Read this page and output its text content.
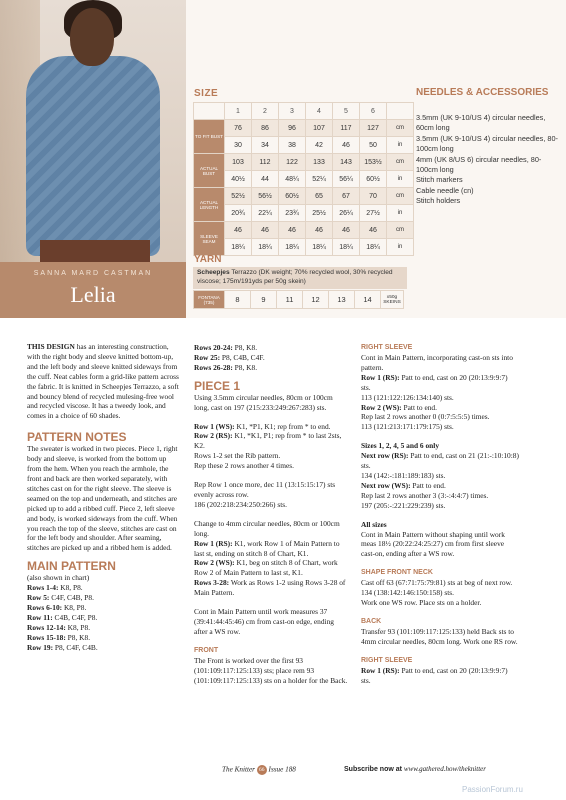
SANNA MARD CASTMAN
Lelia
SIZE
	1	2	3	4	5	6	
TO FIT BUST	76	86	96	107	117	127	cm
	30	34	38	42	46	50	in
ACTUAL BUST	103	112	122	133	143	153½	cm
	40½	44	48¼	52¼	56¼	60½	in
ACTUAL LENGTH	52½	56½	60½	65	67	70	cm
	20¾	22¼	23¾	25½	26¼	27½	in
SLEEVE SEAM	46	46	46	46	46	46	cm
	18¼	18¼	18¼	18¼	18¼	18¼	in
NEEDLES & ACCESSORIES
3.5mm (UK 9-10/US 4) circular needles, 60cm long
3.5mm (UK 9-10/US 4) circular needles, 80-100cm long
4mm (UK 8/US 6) circular needles, 80-100cm long
Stitch markers
Cable needle (cn)
Stitch holders
YARN
Scheepjes Terrazzo (DK weight; 70% recycled wool, 30% recycled viscose; 175m/191yds per 50g skein)
FONTANA (735)	8	9	11	12	13	14	x50g SKEINS

THIS DESIGN has an interesting construction, with the right body and sleeve knitted bottom-up, and the left body and sleeve knitted sideways from the cuff. Neat cables form a grid-like pattern across the fabric. It is knitted in Scheepjes Terrazzo, a soft and bouncy blend of recycled mulesing-free wool and recycled viscose. It has a tweedy look, and comes in a choice of 60 shades.

PATTERN NOTES

The sweater is worked in two pieces. Piece 1, right body and sleeve, is worked from the bottom up from the hem. When you reach the armhole, the front and back are then worked separately, with stitches cast on for the right sleeve. The sleeve is seamed on the top and underneath, and stitches are picked up to add a ribbed cuff. Piece 2, left sleeve and body, is worked sideways from the cuff. When you reach the top of the sleeve, stitches are cast on for the left body and shoulder. After seaming, stitches are picked up and a ribbed hem is added.

MAIN PATTERN

(also shown in chart)

Rows 1-4: K8, P8.

Row 5: C4F, C4B, P8.

Rows 6-10: K8, P8.

Row 11: C4B, C4F, P8.

Rows 12-14: K8, P8.

Rows 15-18: P8, K8.

Row 19: P8, C4F, C4B.

Rows 20-24: P8, K8.

Row 25: P8, C4B, C4F.

Rows 26-28: P8, K8.

PIECE 1

Using 3.5mm circular needles, 80cm or 100cm long, cast on 197 (215:233:249:267:283) sts.

Row 1 (WS): K1, *P1, K1; rep from * to end.

Row 2 (RS): K1, *K1, P1; rep from * to last 2sts, K2.

Rows 1-2 set the Rib pattern.

Rep these 2 rows another 4 times.

Rep Row 1 once more, dec 11 (13:15:15:17) sts evenly across row.

186 (202:218:234:250:266) sts.

Change to 4mm circular needles, 80cm or 100cm long.

Row 1 (RS): K1, work Row 1 of Main Pattern to last st, ending on stitch 8 of Chart, K1.

Row 2 (WS): K1, beg on stitch 8 of Chart, work Row 2 of Main Pattern to last st, K1.

Rows 3-28: Work as Rows 1-2 using Rows 3-28 of Main Pattern.

Cont in Main Pattern until work measures 37 (39:41:44:45:46) cm from cast-on edge, ending after a WS row.

FRONT

The Front is worked over the first 93 (101:109:117:125:133) sts; place rem 93 (101:109:117:125:133) sts on a holder for the Back.

RIGHT SLEEVE

Cont in Main Pattern, incorporating cast-on sts into pattern.

Row 1 (RS): Patt to end, cast on 20 (20:13:9:9:7) sts.

113 (121:122:126:134:140) sts.

Row 2 (WS): Patt to end.

Rep last 2 rows another 0 (0:7:5:5:5) times.

113 (121:213:171:179:175) sts.

Sizes 1, 2, 4, 5 and 6 only

Next row (RS): Patt to end, cast on 21 (21:-:10:10:8) sts.

134 (142:-:181:189:183) sts.

Next row (WS): Patt to end.

Rep last 2 rows another 3 (3:-:4:4:7) times.

197 (205:-:221:229:239) sts.

All sizes

Cont in Main Pattern without shaping until work meas 18½ (20:22:24:25:27) cm from first sleeve cast-on, ending after a WS row.

SHAPE FRONT NECK

Cast off 63 (67:71:75:79:81) sts at beg of next row.

134 (138:142:146:150:158) sts.

Work one WS row. Place sts on a holder.

BACK

Transfer 93 (101:109:117:125:133) held Back sts to 4mm circular needles, 80cm long. Work one RS row.

RIGHT SLEEVE

Row 1 (RS): Patt to end, cast on 20 (20:13:9:9:7) sts.

The Knitter 66 Issue 188	Subscribe now at www.gathered.how/theknitter
PassionForum.ru
